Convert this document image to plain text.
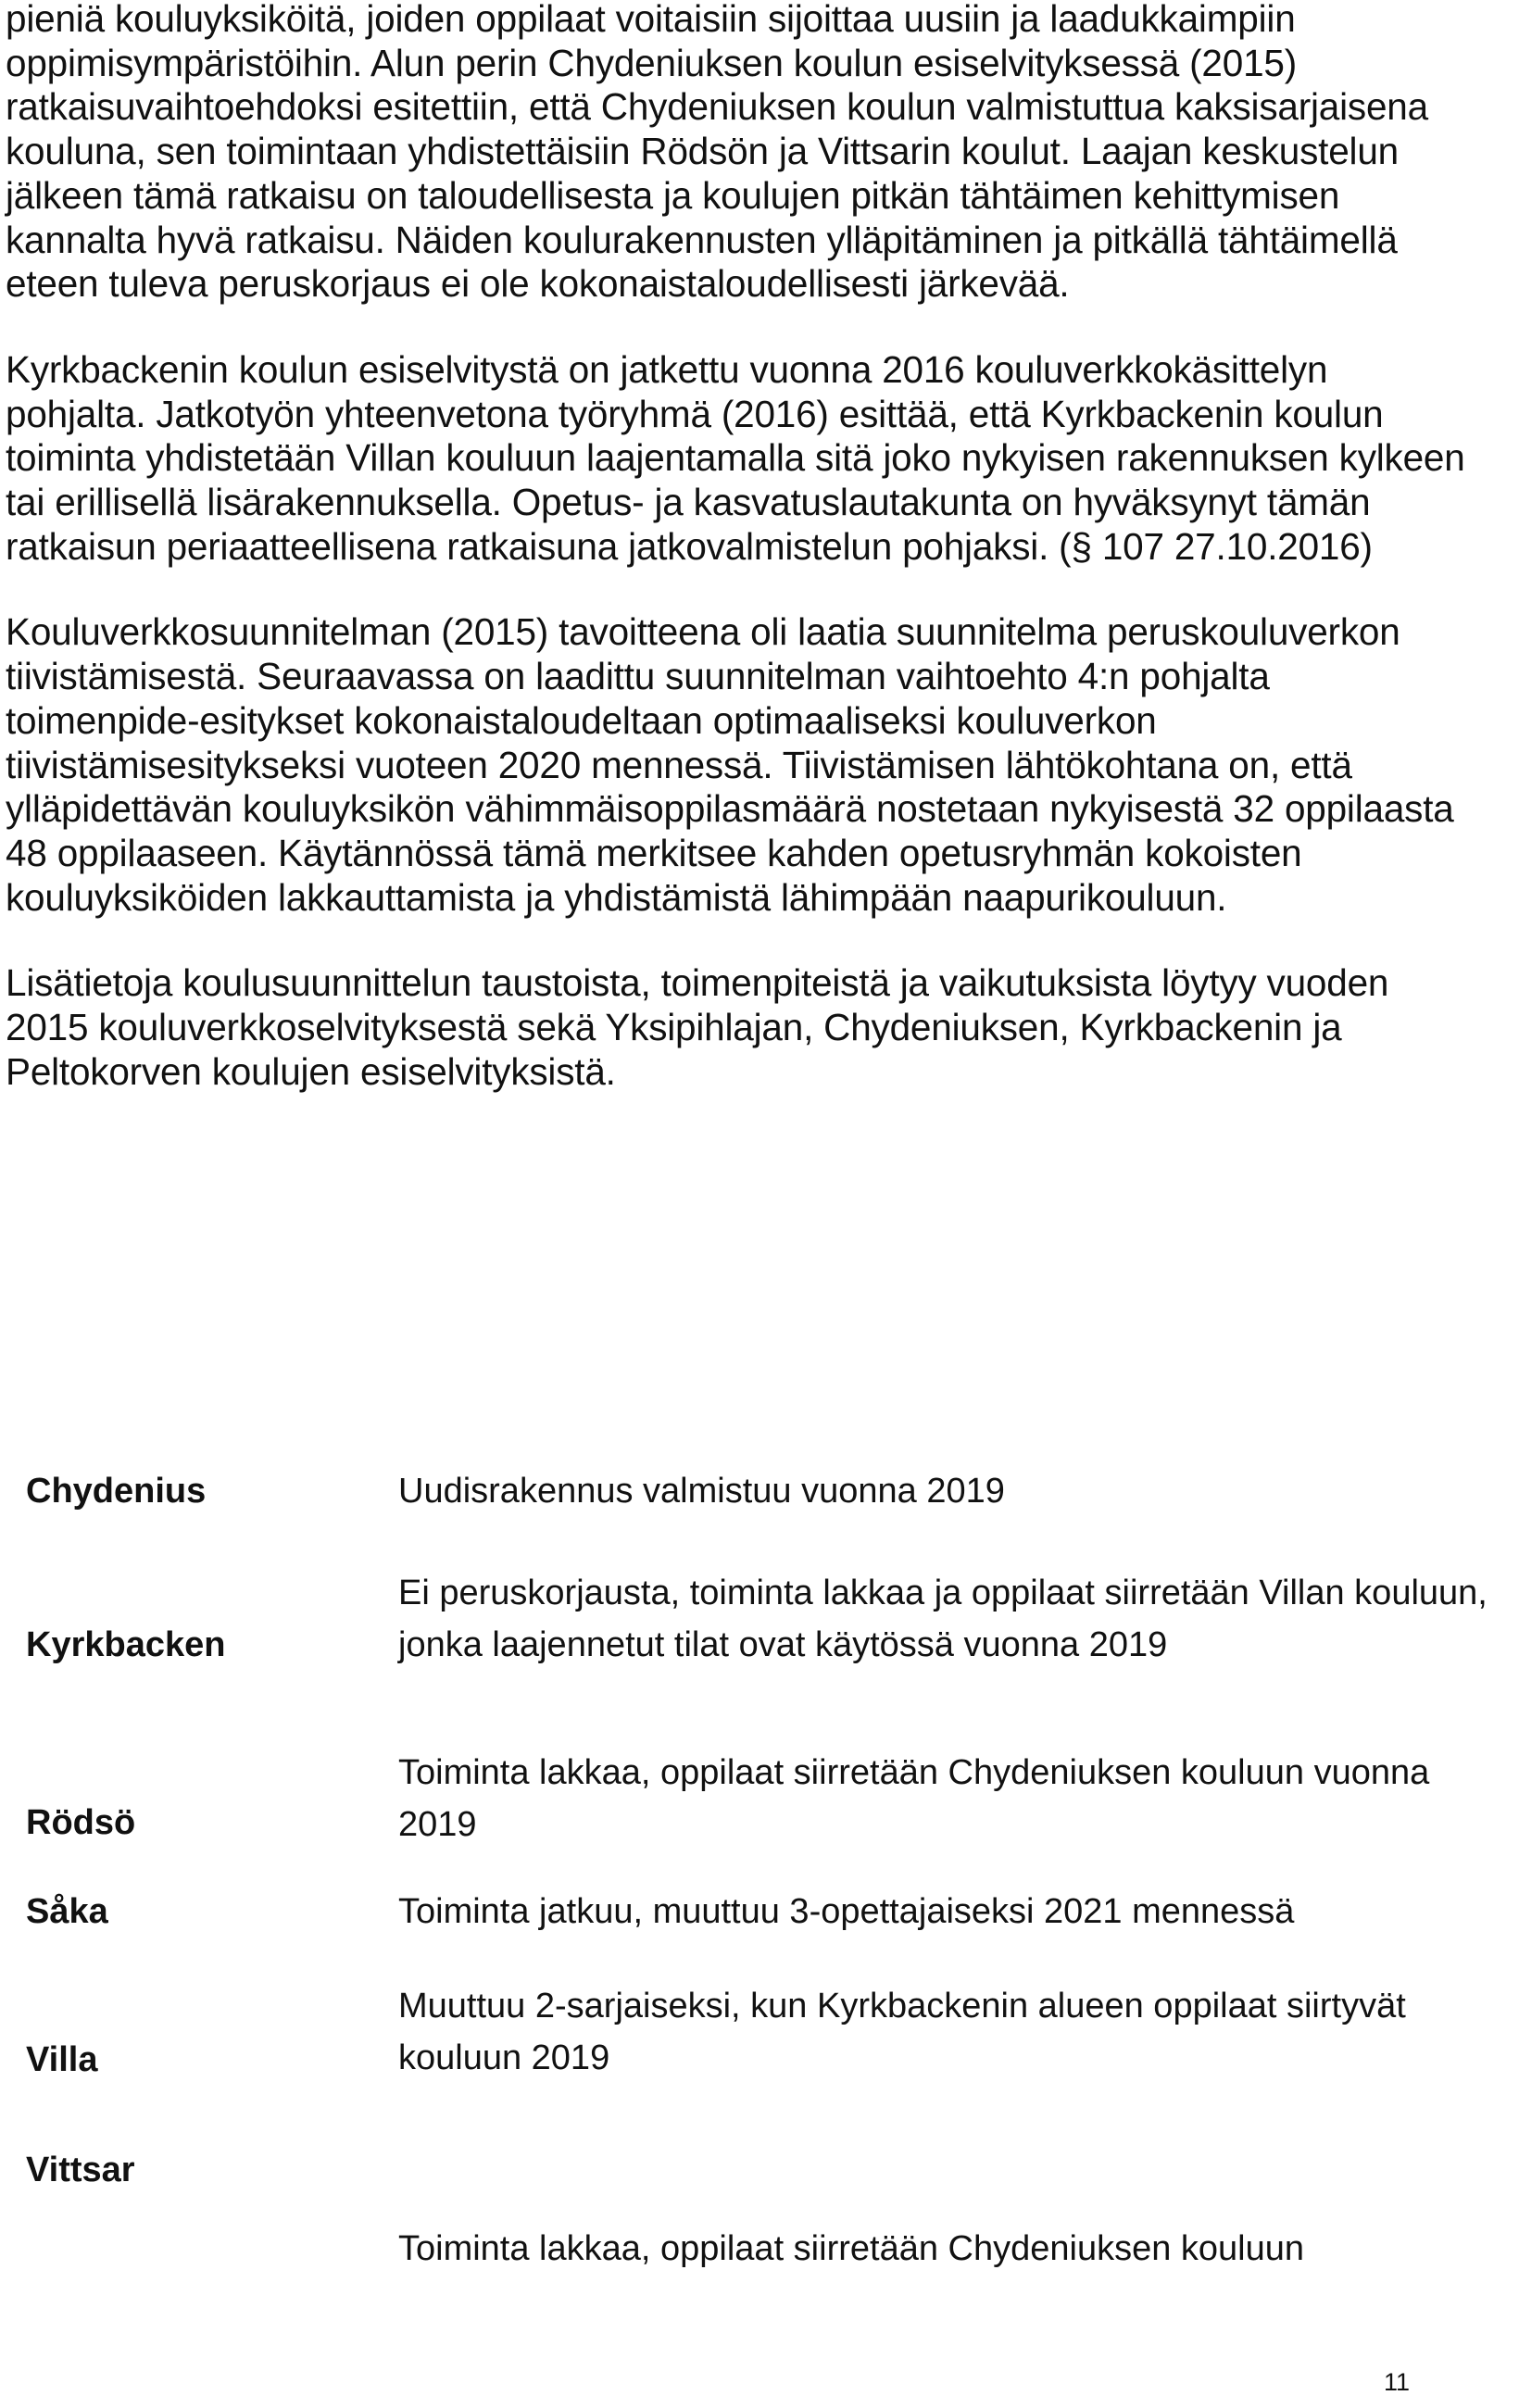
pieniä kouluyksiköitä, joiden oppilaat voitaisiin sijoittaa uusiin ja laadukkaimpiin oppimisympäristöihin. Alun perin Chydeniuksen koulun esiselvityksessä (2015) ratkaisuvaihtoehdoksi esitettiin, että Chydeniuksen koulun valmistuttua kaksisarjaisena kouluna, sen toimintaan yhdistettäisiin Rödsön ja Vittsarin koulut. Laajan keskustelun jälkeen tämä ratkaisu on taloudellisesta ja koulujen pitkän tähtäimen kehittymisen kannalta hyvä ratkaisu. Näiden koulurakennusten ylläpitäminen ja pitkällä tähtäimellä eteen tuleva peruskorjaus ei ole kokonaistaloudellisesti järkevää.

Kyrkbackenin koulun esiselvitystä on jatkettu vuonna 2016 kouluverkkokäsittelyn pohjalta. Jatkotyön yhteenvetona työryhmä (2016) esittää, että Kyrkbackenin koulun toiminta yhdistetään Villan kouluun laajentamalla sitä joko nykyisen rakennuksen kylkeen tai erillisellä lisärakennuksella. Opetus- ja kasvatuslautakunta on hyväksynyt tämän ratkaisun periaatteellisena ratkaisuna jatkovalmistelun pohjaksi. (§ 107 27.10.2016)

Kouluverkkosuunnitelman (2015) tavoitteena oli laatia suunnitelma peruskouluverkon tiivistämisestä. Seuraavassa on laadittu suunnitelman vaihtoehto 4:n pohjalta toimenpide-esitykset kokonaistaloudeltaan optimaaliseksi kouluverkon tiivistämisesitykseksi vuoteen 2020 mennessä. Tiivistämisen lähtökohtana on, että ylläpidettävän kouluyksikön vähimmäisoppilasmäärä nostetaan nykyisestä 32 oppilaasta 48 oppilaaseen. Käytännössä tämä merkitsee kahden opetusryhmän kokoisten kouluyksiköiden lakkauttamista ja yhdistämistä lähimpään naapurikouluun.

Lisätietoja koulusuunnittelun taustoista, toimenpiteistä ja vaikutuksista löytyy vuoden 2015 kouluverkkoselvityksestä sekä Yksipihlajan, Chydeniuksen, Kyrkbackenin ja Peltokorven koulujen esiselvityksistä.

Chydenius	Uudisrakennus valmistuu vuonna 2019
Kyrkbacken
Ei peruskorjausta, toiminta lakkaa ja oppilaat siirretään Villan kouluun, jonka laajennetut tilat ovat käytössä vuonna 2019
Rödsö
Toiminta lakkaa, oppilaat siirretään Chydeniuksen kouluun vuonna 2019
Såka	Toiminta jatkuu, muuttuu 3-opettajaiseksi 2021 mennessä
Villa
Muuttuu 2-sarjaiseksi, kun Kyrkbackenin alueen oppilaat siirtyvät kouluun 2019
Vittsar
Toiminta lakkaa, oppilaat siirretään Chydeniuksen kouluun
11
